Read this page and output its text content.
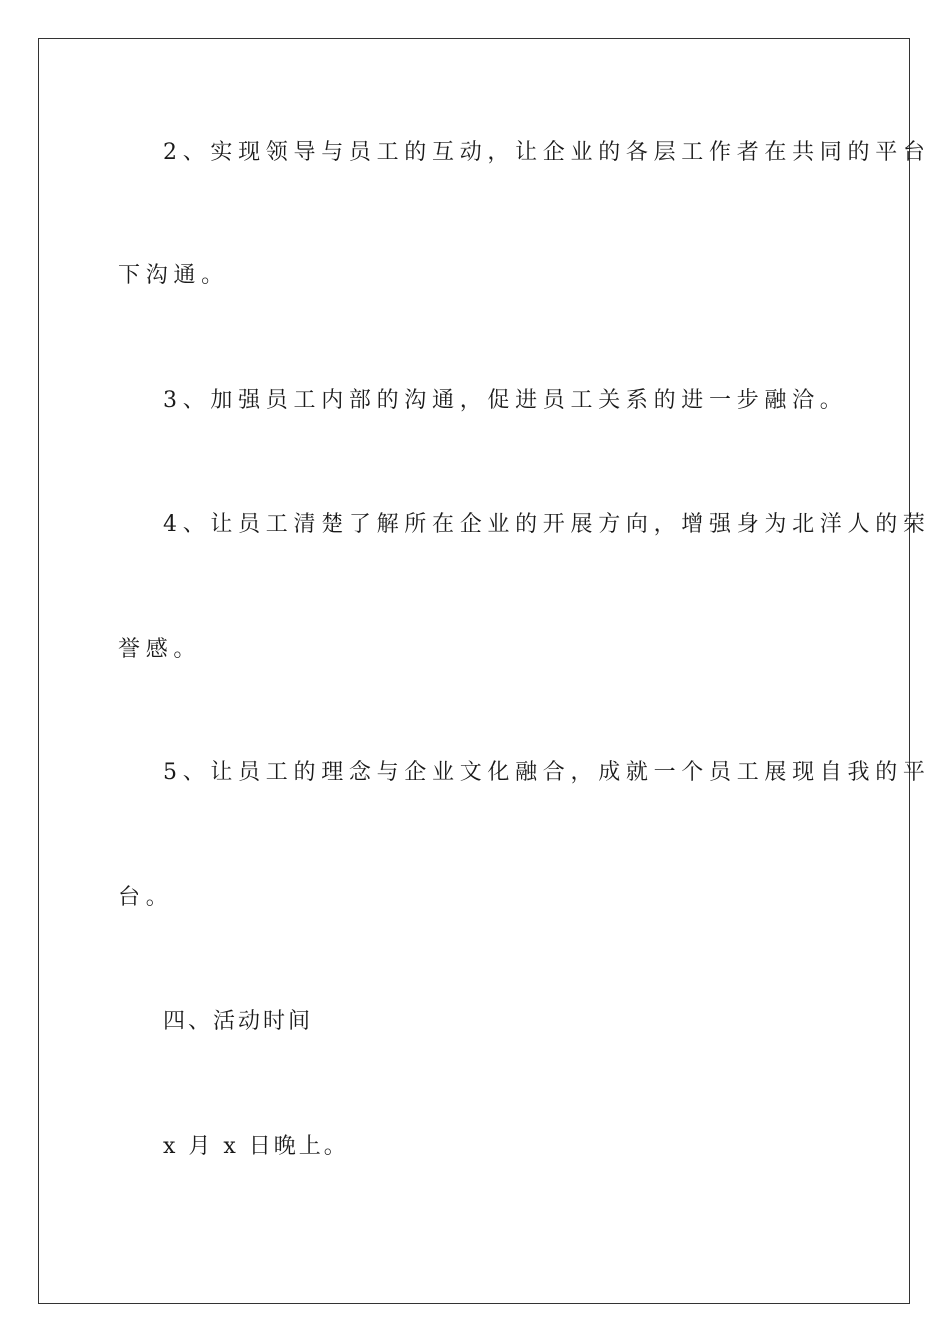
2、实现领导与员工的互动，让企业的各层工作者在共同的平台

下沟通。

3、加强员工内部的沟通，促进员工关系的进一步融洽。

4、让员工清楚了解所在企业的开展方向，增强身为北洋人的荣

誉感。

5、让员工的理念与企业文化融合，成就一个员工展现自我的平

台。

四、活动时间

x 月 x 日晚上。
